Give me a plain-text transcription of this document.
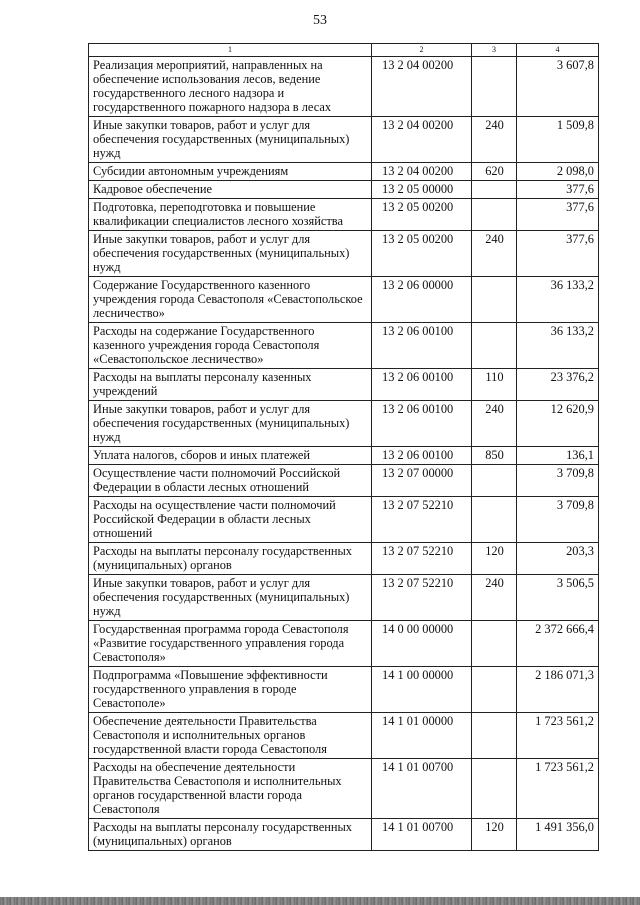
53
1	2	3	4
Реализация мероприятий, направленных на обеспечение использования лесов, ведение государственного лесного надзора и государственного пожарного надзора в лесах	13 2 04 00200		3 607,8
Иные закупки товаров, работ и услуг для обеспечения государственных (муниципальных) нужд	13 2 04 00200	240	1 509,8
Субсидии автономным учреждениям	13 2 04 00200	620	2 098,0
Кадровое обеспечение	13 2 05 00000		377,6
Подготовка, переподготовка и повышение квалификации специалистов лесного хозяйства	13 2 05 00200		377,6
Иные закупки товаров, работ и услуг для обеспечения государственных (муниципальных) нужд	13 2 05 00200	240	377,6
Содержание Государственного казенного учреждения города Севастополя «Севастопольское лесничество»	13 2 06 00000		36 133,2
Расходы на содержание Государственного казенного учреждения города Севастополя «Севастопольское лесничество»	13 2 06 00100		36 133,2
Расходы на выплаты персоналу казенных учреждений	13 2 06 00100	110	23 376,2
Иные закупки товаров, работ и услуг для обеспечения государственных (муниципальных) нужд	13 2 06 00100	240	12 620,9
Уплата налогов, сборов и иных платежей	13 2 06 00100	850	136,1
Осуществление части полномочий Российской Федерации в области лесных отношений	13 2 07 00000		3 709,8
Расходы на осуществление части полномочий Российской Федерации в области лесных отношений	13 2 07 52210		3 709,8
Расходы на выплаты персоналу государственных (муниципальных) органов	13 2 07 52210	120	203,3
Иные закупки товаров, работ и услуг для обеспечения государственных (муниципальных) нужд	13 2 07 52210	240	3 506,5
Государственная программа города Севастополя «Развитие государственного управления города Севастополя»	14 0 00 00000		2 372 666,4
Подпрограмма «Повышение эффективности государственного управления в городе Севастополе»	14 1 00 00000		2 186 071,3
Обеспечение деятельности Правительства Севастополя и исполнительных органов государственной власти города Севастополя	14 1 01 00000		1 723 561,2
Расходы на обеспечение деятельности Правительства Севастополя и исполнительных органов государственной власти города Севастополя	14 1 01 00700		1 723 561,2
Расходы на выплаты персоналу государственных (муниципальных) органов	14 1 01 00700	120	1 491 356,0
